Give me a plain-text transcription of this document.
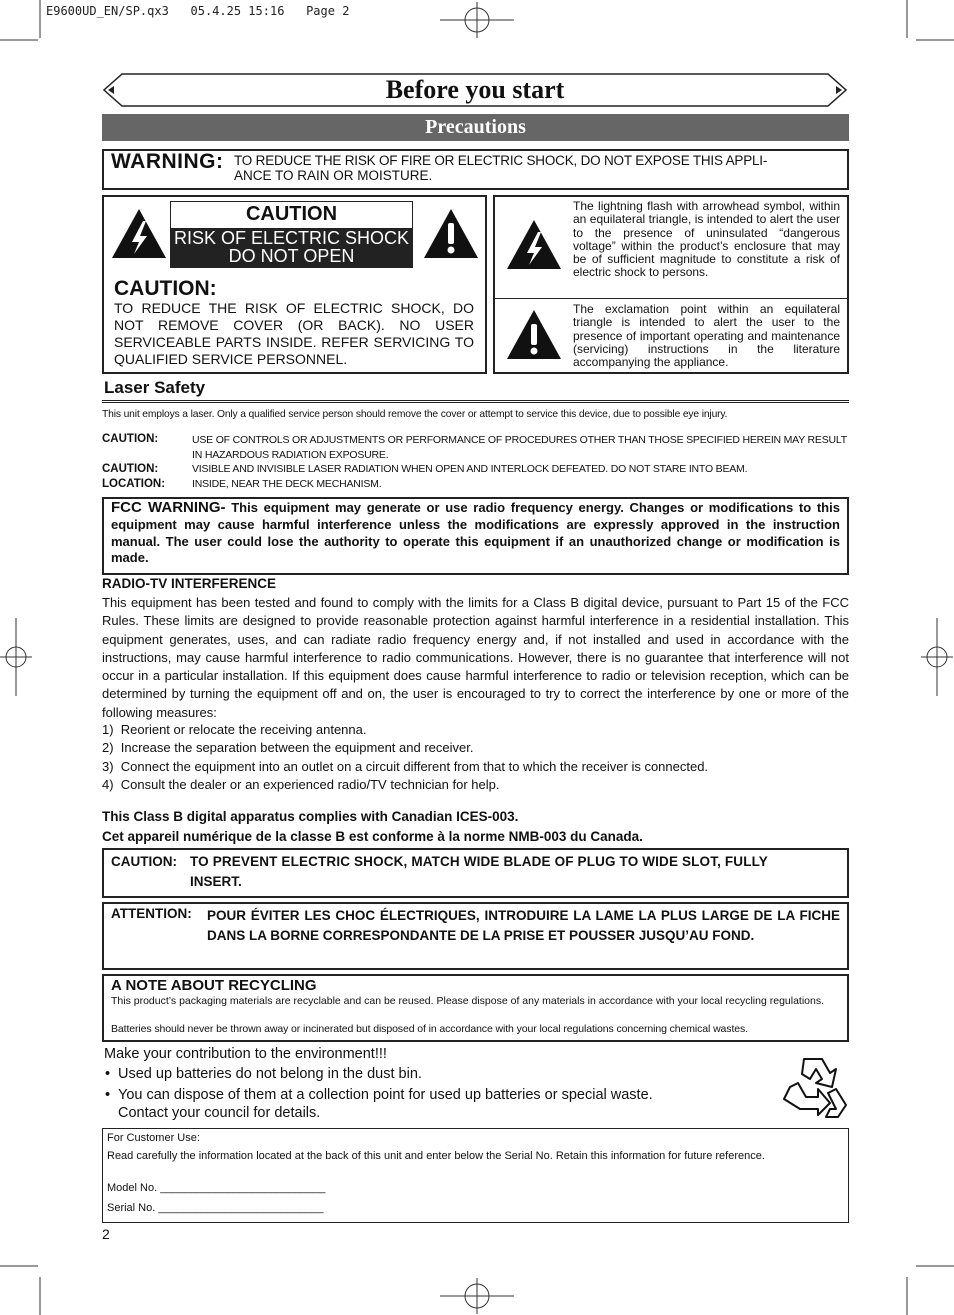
E9600UD_EN/SP.qx3   05.4.25 15:16   Page 2
Before you start
Precautions
WARNING: TO REDUCE THE RISK OF FIRE OR ELECTRIC SHOCK, DO NOT EXPOSE THIS APPLI-
ANCE TO RAIN OR MOISTURE.
CAUTION
RISK OF ELECTRIC SHOCK
DO NOT OPEN
CAUTION:
TO REDUCE THE RISK OF ELECTRIC SHOCK, DO NOT REMOVE COVER (OR BACK). NO USER SERVICEABLE PARTS INSIDE. REFER SERVICING TO QUALIFIED SERVICE PERSONNEL.
The lightning flash with arrowhead symbol, within an equilateral triangle, is intended to alert the user to the presence of uninsulated “dangerous voltage” within the product’s enclosure that may be of sufficient magnitude to constitute a risk of electric shock to persons.
The exclamation point within an equilateral triangle is intended to alert the user to the presence of important operating and maintenance (servicing) instructions in the literature accompanying the appliance.
Laser Safety
This unit employs a laser. Only a qualified service person should remove the cover or attempt to service this device, due to possible eye injury.
CAUTION:	USE OF CONTROLS OR ADJUSTMENTS OR PERFORMANCE OF PROCEDURES OTHER THAN THOSE SPECIFIED HEREIN MAY RESULT IN HAZARDOUS RADIATION EXPOSURE.
CAUTION:	VISIBLE AND INVISIBLE LASER RADIATION WHEN OPEN AND INTERLOCK DEFEATED. DO NOT STARE INTO BEAM.
LOCATION:	INSIDE, NEAR THE DECK MECHANISM.
FCC WARNING- This equipment may generate or use radio frequency energy. Changes or modifications to this equipment may cause harmful interference unless the modifications are expressly approved in the instruction manual. The user could lose the authority to operate this equipment if an unauthorized change or modification is made.
RADIO-TV INTERFERENCE
This equipment has been tested and found to comply with the limits for a Class B digital device, pursuant to Part 15 of the FCC Rules. These limits are designed to provide reasonable protection against harmful interference in a residential installation. This equipment generates, uses, and can radiate radio frequency energy and, if not installed and used in accordance with the instructions, may cause harmful interference to radio communications. However, there is no guarantee that interference will not occur in a particular installation. If this equipment does cause harmful interference to radio or television reception, which can be determined by turning the equipment off and on, the user is encouraged to try to correct the interference by one or more of the following measures:
1)  Reorient or relocate the receiving antenna.
2)  Increase the separation between the equipment and receiver.
3)  Connect the equipment into an outlet on a circuit different from that to which the receiver is connected.
4)  Consult the dealer or an experienced radio/TV technician for help.
This Class B digital apparatus complies with Canadian ICES-003.
Cet appareil numérique de la classe B est conforme à la norme NMB-003 du Canada.
CAUTION: TO PREVENT ELECTRIC SHOCK, MATCH WIDE BLADE OF PLUG TO WIDE SLOT, FULLY
INSERT.
ATTENTION: POUR ÉVITER LES CHOC ÉLECTRIQUES, INTRODUIRE LA LAME LA PLUS LARGE DE LA FICHE DANS LA BORNE CORRESPONDANTE DE LA PRISE ET POUSSER JUSQU’AU FOND.
A NOTE ABOUT RECYCLING
This product’s packaging materials are recyclable and can be reused. Please dispose of any materials in accordance with your local recycling regulations.
Batteries should never be thrown away or incinerated but disposed of in accordance with your local regulations concerning chemical wastes.
Make your contribution to the environment!!!
• Used up batteries do not belong in the dust bin.
• You can dispose of them at a collection point for used up batteries or special waste.
Contact your council for details.
For Customer Use:
Read carefully the information located at the back of this unit and enter below the Serial No. Retain this information for future reference.
Model No. ___________________________
Serial No. ___________________________
2
